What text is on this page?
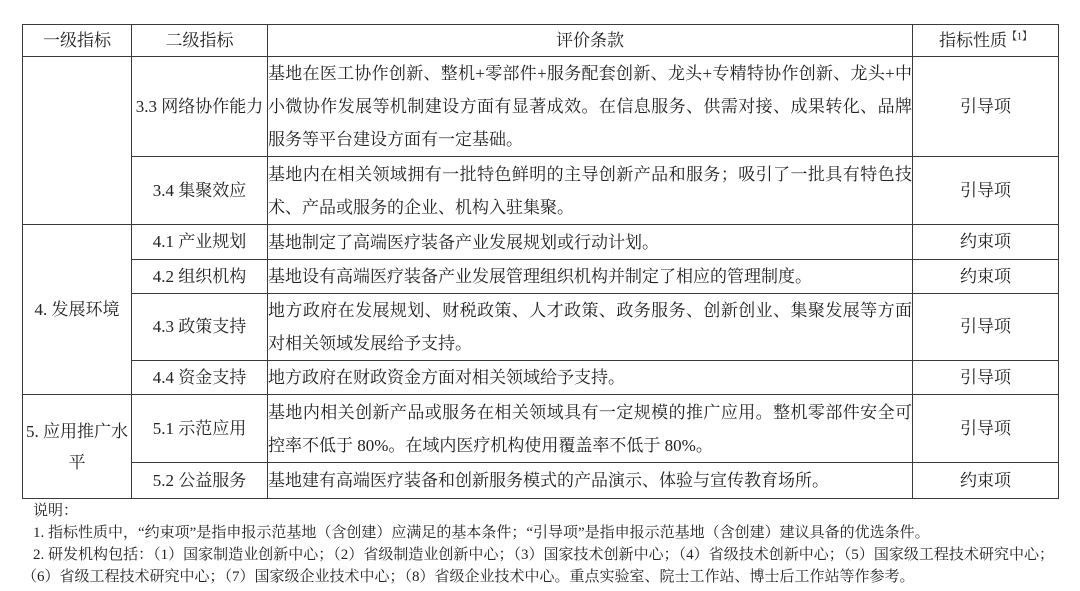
一级指标	二级指标	评价条款	指标性质$^{【1】}$
	3.3 网络协作能力	基地在医工协作创新、整机+零部件+服务配套创新、龙头+专精特协作创新、龙头+中小微协作发展等机制建设方面有显著成效。在信息服务、供需对接、成果转化、品牌服务等平台建设方面有一定基础。	引导项
	3.4 集聚效应	基地内在相关领域拥有一批特色鲜明的主导创新产品和服务；吸引了一批具有特色技术、产品或服务的企业、机构入驻集聚。	引导项
4. 发展环境	4.1 产业规划	基地制定了高端医疗装备产业发展规划或行动计划。	约束项
	4.2 组织机构	基地设有高端医疗装备产业发展管理组织机构并制定了相应的管理制度。	约束项
	4.3 政策支持	地方政府在发展规划、财税政策、人才政策、政务服务、创新创业、集聚发展等方面对相关领域发展给予支持。	引导项
	4.4 资金支持	地方政府在财政资金方面对相关领域给予支持。	引导项
5. 应用推广水平	5.1 示范应用	基地内相关创新产品或服务在相关领域具有一定规模的推广应用。整机零部件安全可控率不低于 80%。在域内医疗机构使用覆盖率不低于 80%。	引导项
	5.2 公益服务	基地建有高端医疗装备和创新服务模式的产品演示、体验与宣传教育场所。	约束项

说明：

1. 指标性质中，“约束项”是指申报示范基地（含创建）应满足的基本条件；“引导项”是指申报示范基地（含创建）建议具备的优选条件。

2. 研发机构包括：（1）国家制造业创新中心；（2）省级制造业创新中心；（3）国家技术创新中心；（4）省级技术创新中心；（5）国家级工程技术研究中心；（6）省级工程技术研究中心；（7）国家级企业技术中心；（8）省级企业技术中心。重点实验室、院士工作站、博士后工作站等作参考。
